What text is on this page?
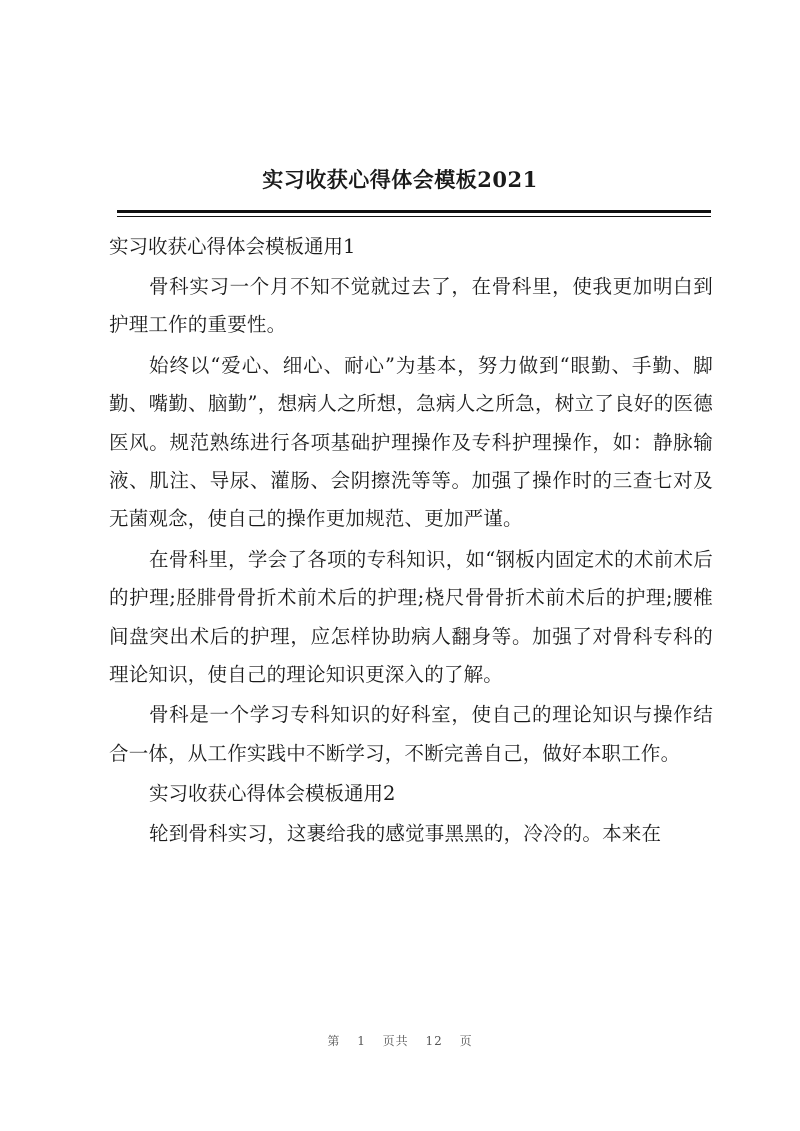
实习收获心得体会模板2021
实习收获心得体会模板通用1

骨科实习一个月不知不觉就过去了，在骨科里，使我更加明白到护理工作的重要性。

始终以“爱心、细心、耐心”为基本，努力做到“眼勤、手勤、脚勤、嘴勤、脑勤”，想病人之所想，急病人之所急，树立了良好的医德医风。规范熟练进行各项基础护理操作及专科护理操作，如：静脉输液、肌注、导尿、灌肠、会阴擦洗等等。加强了操作时的三查七对及无菌观念，使自己的操作更加规范、更加严谨。

在骨科里，学会了各项的专科知识，如“钢板内固定术的术前术后的护理;胫腓骨骨折术前术后的护理;桡尺骨骨折术前术后的护理;腰椎间盘突出术后的护理，应怎样协助病人翻身等。加强了对骨科专科的理论知识，使自己的理论知识更深入的了解。

骨科是一个学习专科知识的好科室，使自己的理论知识与操作结合一体，从工作实践中不断学习，不断完善自己，做好本职工作。

实习收获心得体会模板通用2

轮到骨科实习，这裹给我的感觉事黑黑的，冷冷的。本来在

第 1 页共 12 页
